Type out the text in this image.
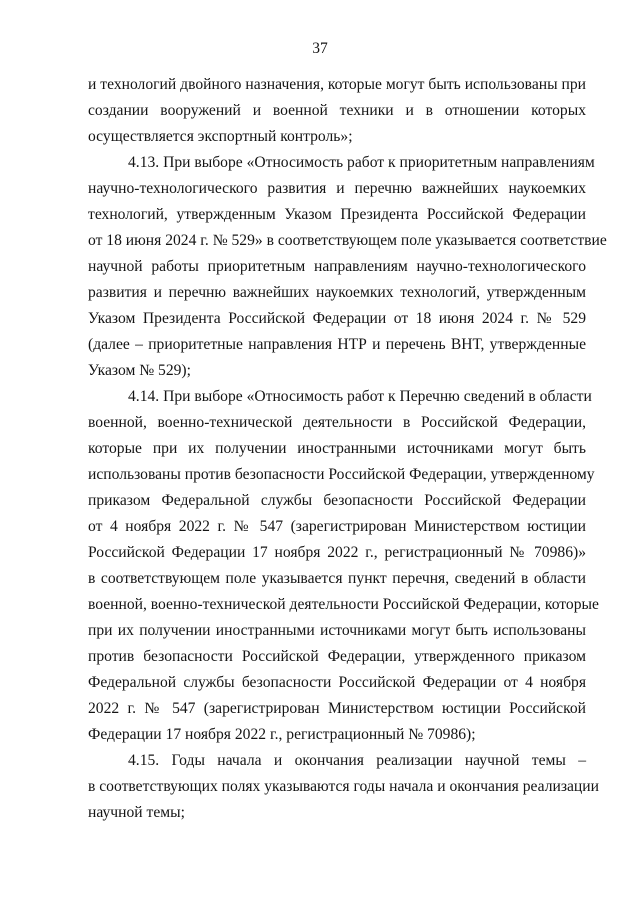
37
и технологий двойного назначения, которые могут быть использованы при
создании вооружений и военной техники и в отношении которых
осуществляется экспортный контроль»;
4.13. При выборе «Относимость работ к приоритетным направлениям
научно-технологического развития и перечню важнейших наукоемких
технологий, утвержденным Указом Президента Российской Федерации
от 18 июня 2024 г. № 529» в соответствующем поле указывается соответствие
научной работы приоритетным направлениям научно-технологического
развития и перечню важнейших наукоемких технологий, утвержденным
Указом Президента Российской Федерации от 18 июня 2024 г. № 529
(далее – приоритетные направления НТР и перечень ВНТ, утвержденные
Указом № 529);
4.14. При выборе «Относимость работ к Перечню сведений в области
военной, военно-технической деятельности в Российской Федерации,
которые при их получении иностранными источниками могут быть
использованы против безопасности Российской Федерации, утвержденному
приказом Федеральной службы безопасности Российской Федерации
от 4 ноября 2022 г. № 547 (зарегистрирован Министерством юстиции
Российской Федерации 17 ноября 2022 г., регистрационный № 70986)»
в соответствующем поле указывается пункт перечня, сведений в области
военной, военно-технической деятельности Российской Федерации, которые
при их получении иностранными источниками могут быть использованы
против безопасности Российской Федерации, утвержденного приказом
Федеральной службы безопасности Российской Федерации от 4 ноября
2022 г. № 547 (зарегистрирован Министерством юстиции Российской
Федерации 17 ноября 2022 г., регистрационный № 70986);
4.15. Годы начала и окончания реализации научной темы –
в соответствующих полях указываются годы начала и окончания реализации
научной темы;
